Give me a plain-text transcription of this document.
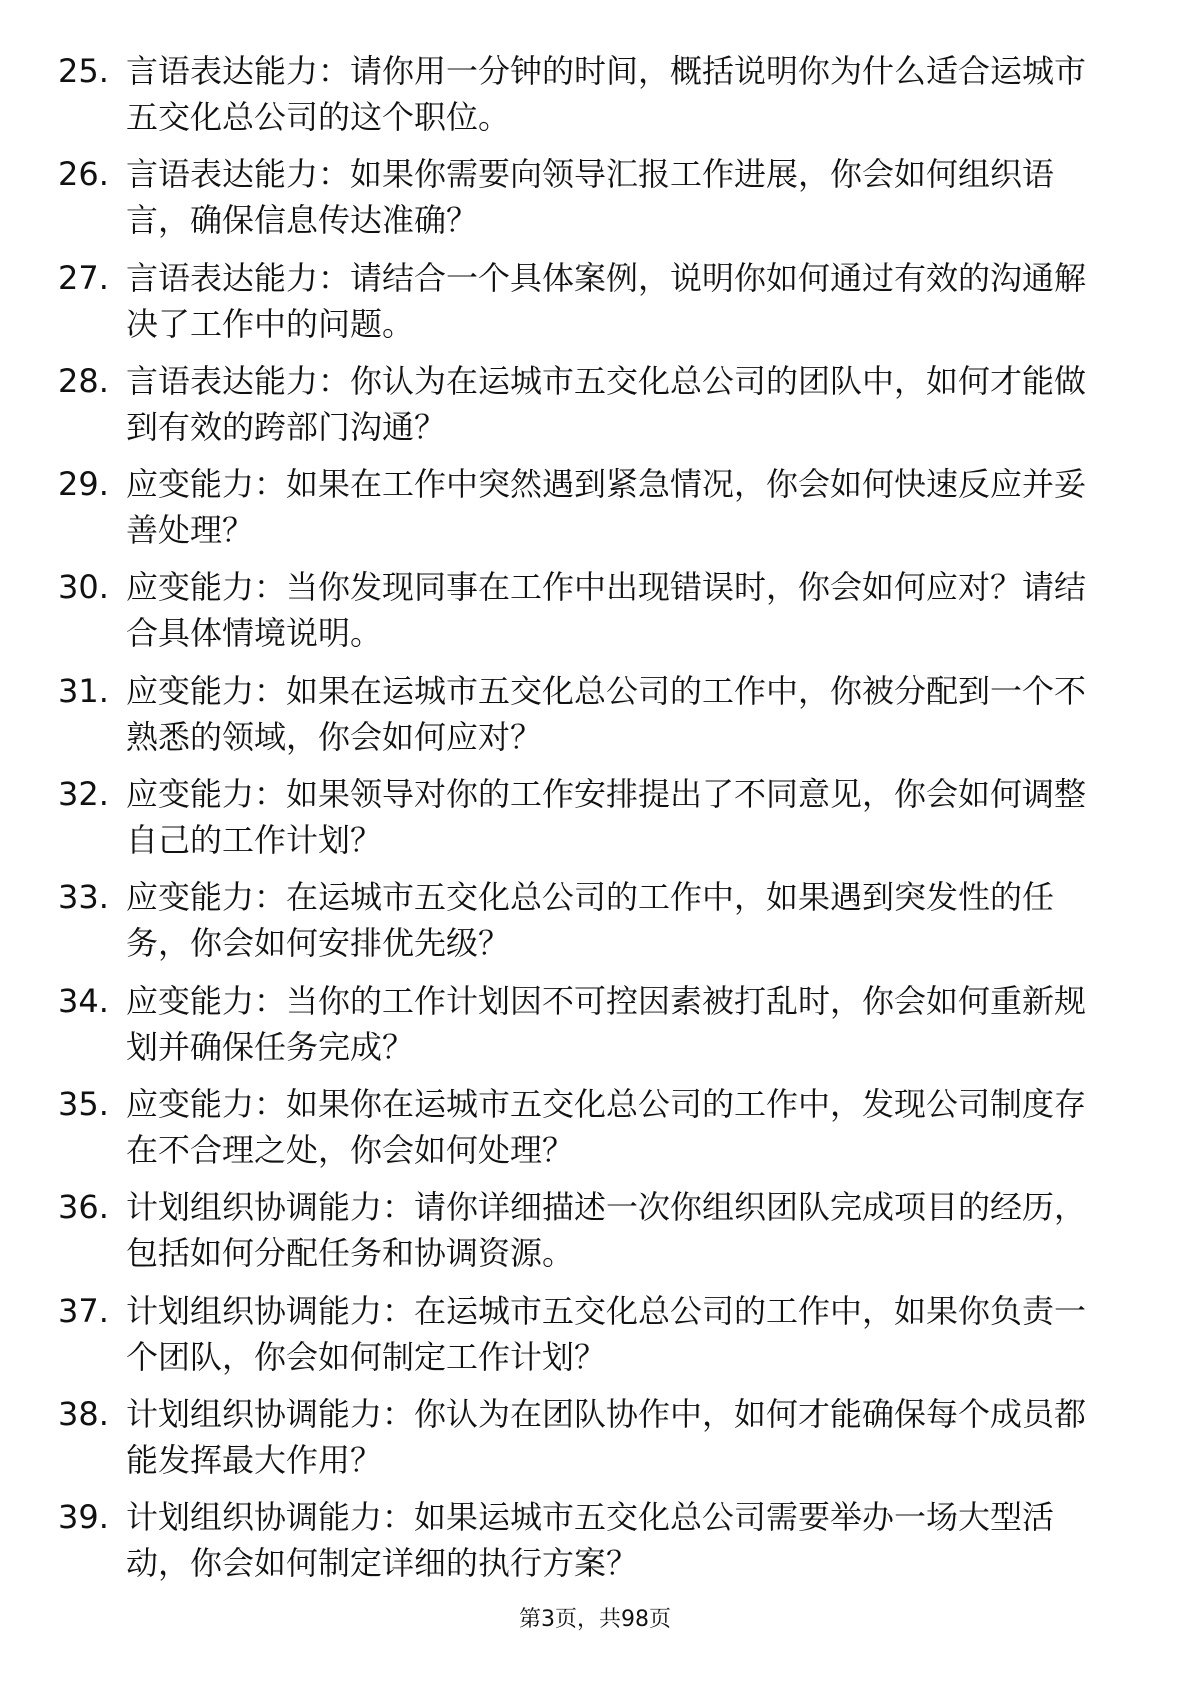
25. 言语表达能力：请你用一分钟的时间，概括说明你为什么适合运城市五交化总公司的这个职位。
26. 言语表达能力：如果你需要向领导汇报工作进展，你会如何组织语言，确保信息传达准确？
27. 言语表达能力：请结合一个具体案例，说明你如何通过有效的沟通解决了工作中的问题。
28. 言语表达能力：你认为在运城市五交化总公司的团队中，如何才能做到有效的跨部门沟通？
29. 应变能力：如果在工作中突然遇到紧急情况，你会如何快速反应并妥善处理？
30. 应变能力：当你发现同事在工作中出现错误时，你会如何应对？请结合具体情境说明。
31. 应变能力：如果在运城市五交化总公司的工作中，你被分配到一个不熟悉的领域，你会如何应对？
32. 应变能力：如果领导对你的工作安排提出了不同意见，你会如何调整自己的工作计划？
33. 应变能力：在运城市五交化总公司的工作中，如果遇到突发性的任务，你会如何安排优先级？
34. 应变能力：当你的工作计划因不可控因素被打乱时，你会如何重新规划并确保任务完成？
35. 应变能力：如果你在运城市五交化总公司的工作中，发现公司制度存在不合理之处，你会如何处理？
36. 计划组织协调能力：请你详细描述一次你组织团队完成项目的经历，包括如何分配任务和协调资源。
37. 计划组织协调能力：在运城市五交化总公司的工作中，如果你负责一个团队，你会如何制定工作计划？
38. 计划组织协调能力：你认为在团队协作中，如何才能确保每个成员都能发挥最大作用？
39. 计划组织协调能力：如果运城市五交化总公司需要举办一场大型活动，你会如何制定详细的执行方案？
第3页，共98页
